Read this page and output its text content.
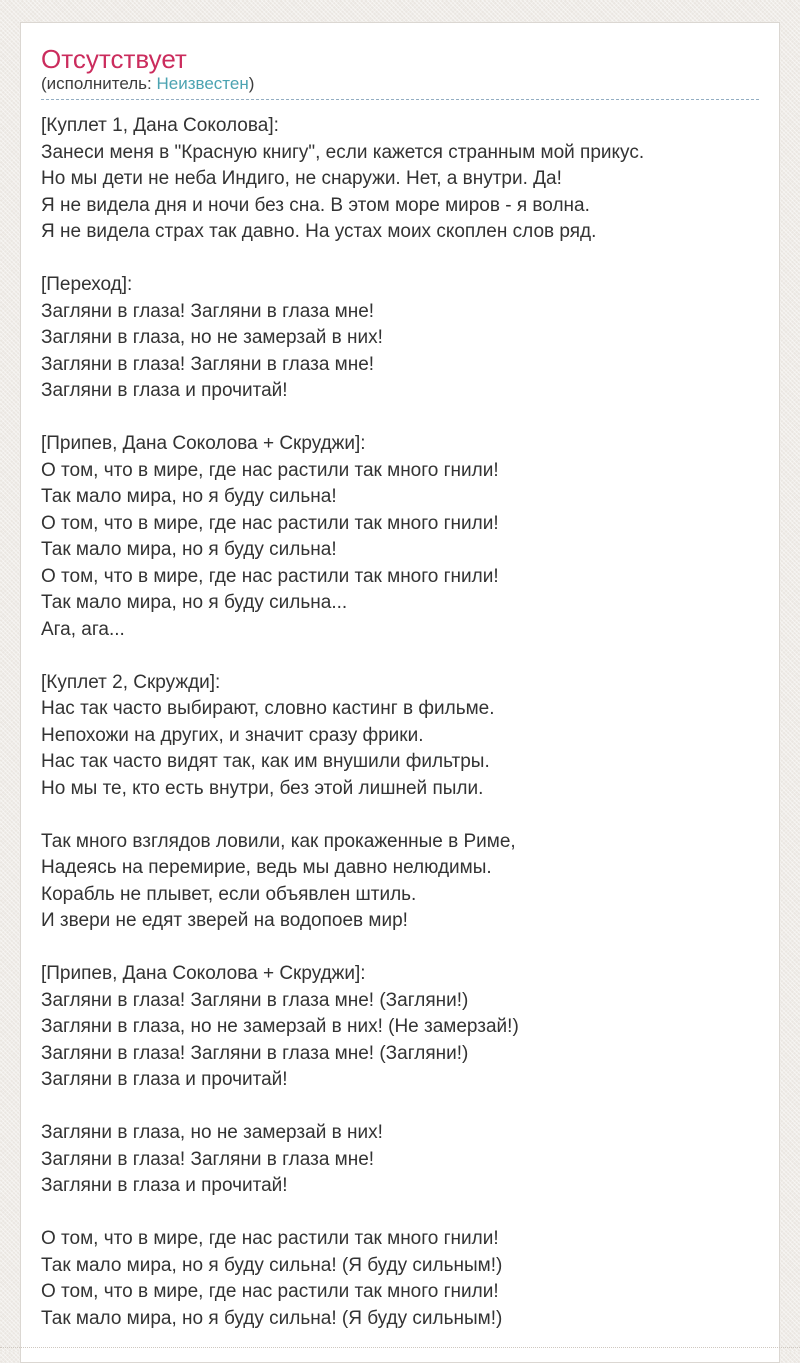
Отсутствует
(исполнитель: Неизвестен)
[Куплет 1, Дана Соколова]:
Занеси меня в "Красную книгу", если кажется странным мой прикус.
Но мы дети не неба Индиго, не снаружи. Нет, а внутри. Да!
Я не видела дня и ночи без сна. В этом море миров - я волна.
Я не видела страх так давно. На устах моих скоплен слов ряд.
[Переход]:
Загляни в глаза! Загляни в глаза мне!
Загляни в глаза, но не замерзай в них!
Загляни в глаза! Загляни в глаза мне!
Загляни в глаза и прочитай!
[Припев, Дана Соколова + Скруджи]:
О том, что в мире, где нас растили так много гнили!
Так мало мира, но я буду сильна!
О том, что в мире, где нас растили так много гнили!
Так мало мира, но я буду сильна!
О том, что в мире, где нас растили так много гнили!
Так мало мира, но я буду сильна...
Ага, ага...
[Куплет 2, Скружди]:
Нас так часто выбирают, словно кастинг в фильме.
Непохожи на других, и значит сразу фрики.
Нас так часто видят так, как им внушили фильтры.
Но мы те, кто есть внутри, без этой лишней пыли.
Так много взглядов ловили, как прокаженные в Риме,
Надеясь на перемирие, ведь мы давно нелюдимы.
Корабль не плывет, если объявлен штиль.
И звери не едят зверей на водопоев мир!
[Припев, Дана Соколова + Скруджи]:
Загляни в глаза! Загляни в глаза мне! (Загляни!)
Загляни в глаза, но не замерзай в них! (Не замерзай!)
Загляни в глаза! Загляни в глаза мне! (Загляни!)
Загляни в глаза и прочитай!
Загляни в глаза, но не замерзай в них!
Загляни в глаза! Загляни в глаза мне!
Загляни в глаза и прочитай!
О том, что в мире, где нас растили так много гнили!
Так мало мира, но я буду сильна! (Я буду сильным!)
О том, что в мире, где нас растили так много гнили!
Так мало мира, но я буду сильна! (Я буду сильным!)
